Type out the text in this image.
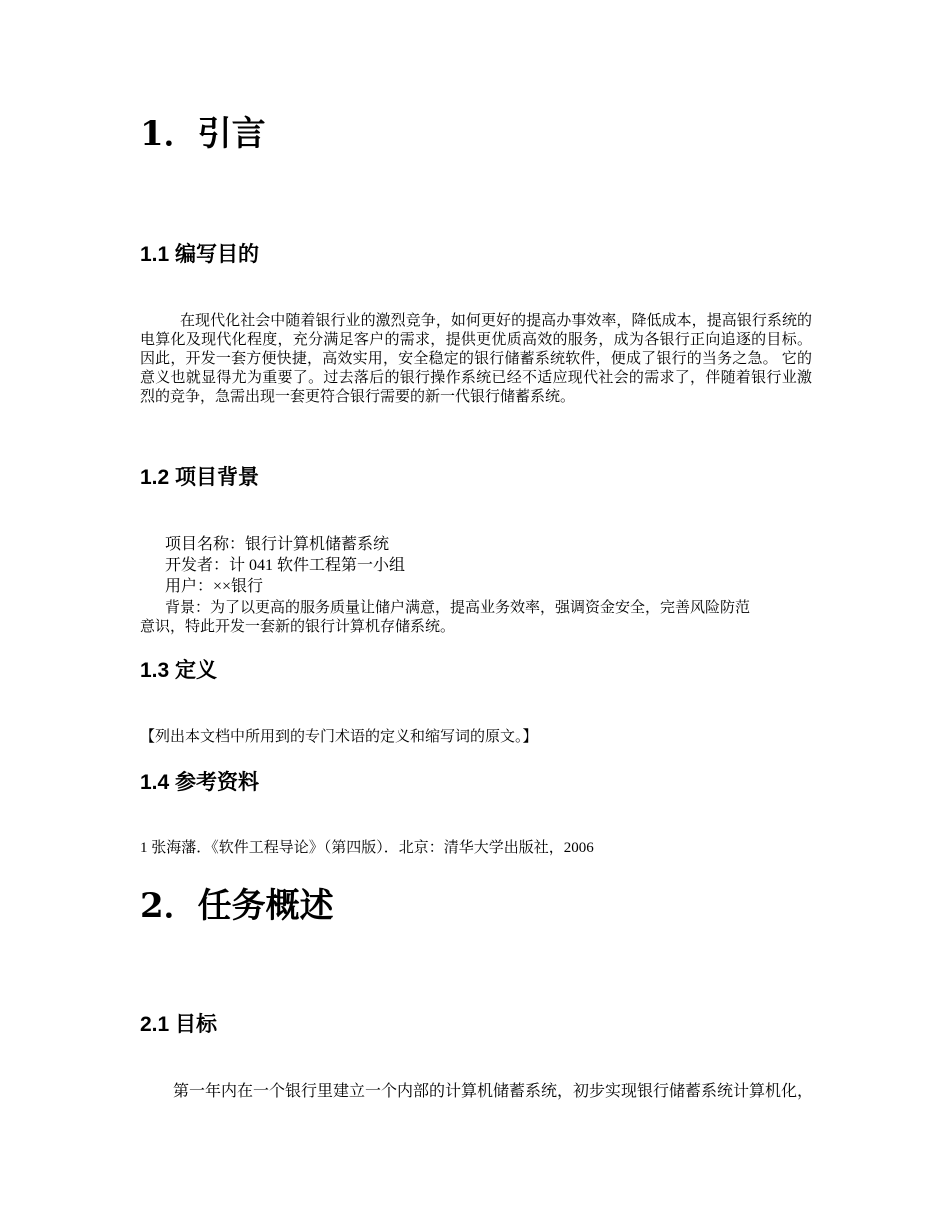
1．引言
1.1 编写目的

在现代化社会中随着银行业的激烈竞争，如何更好的提高办事效率，降低成本，提高银行系统的电算化及现代化程度，充分满足客户的需求，提供更优质高效的服务，成为各银行正向追逐的目标。因此，开发一套方便快捷，高效实用，安全稳定的银行储蓄系统软件，便成了银行的当务之急。 它的意义也就显得尤为重要了。过去落后的银行操作系统已经不适应现代社会的需求了，伴随着银行业激烈的竞争，急需出现一套更符合银行需要的新一代银行储蓄系统。

1.2 项目背景
项目名称：银行计算机储蓄系统
开发者：计 041 软件工程第一小组
用户：××银行
背景：为了以更高的服务质量让储户满意，提高业务效率，强调资金安全，完善风险防范
意识，特此开发一套新的银行计算机存储系统。
1.3 定义
【列出本文档中所用到的专门术语的定义和缩写词的原文。】
1.4 参考资料
1 张海藩．《软件工程导论》（第四版）．北京：清华大学出版社，2006
2．任务概述
2.1 目标
第一年内在一个银行里建立一个内部的计算机储蓄系统，初步实现银行储蓄系统计算机化，
